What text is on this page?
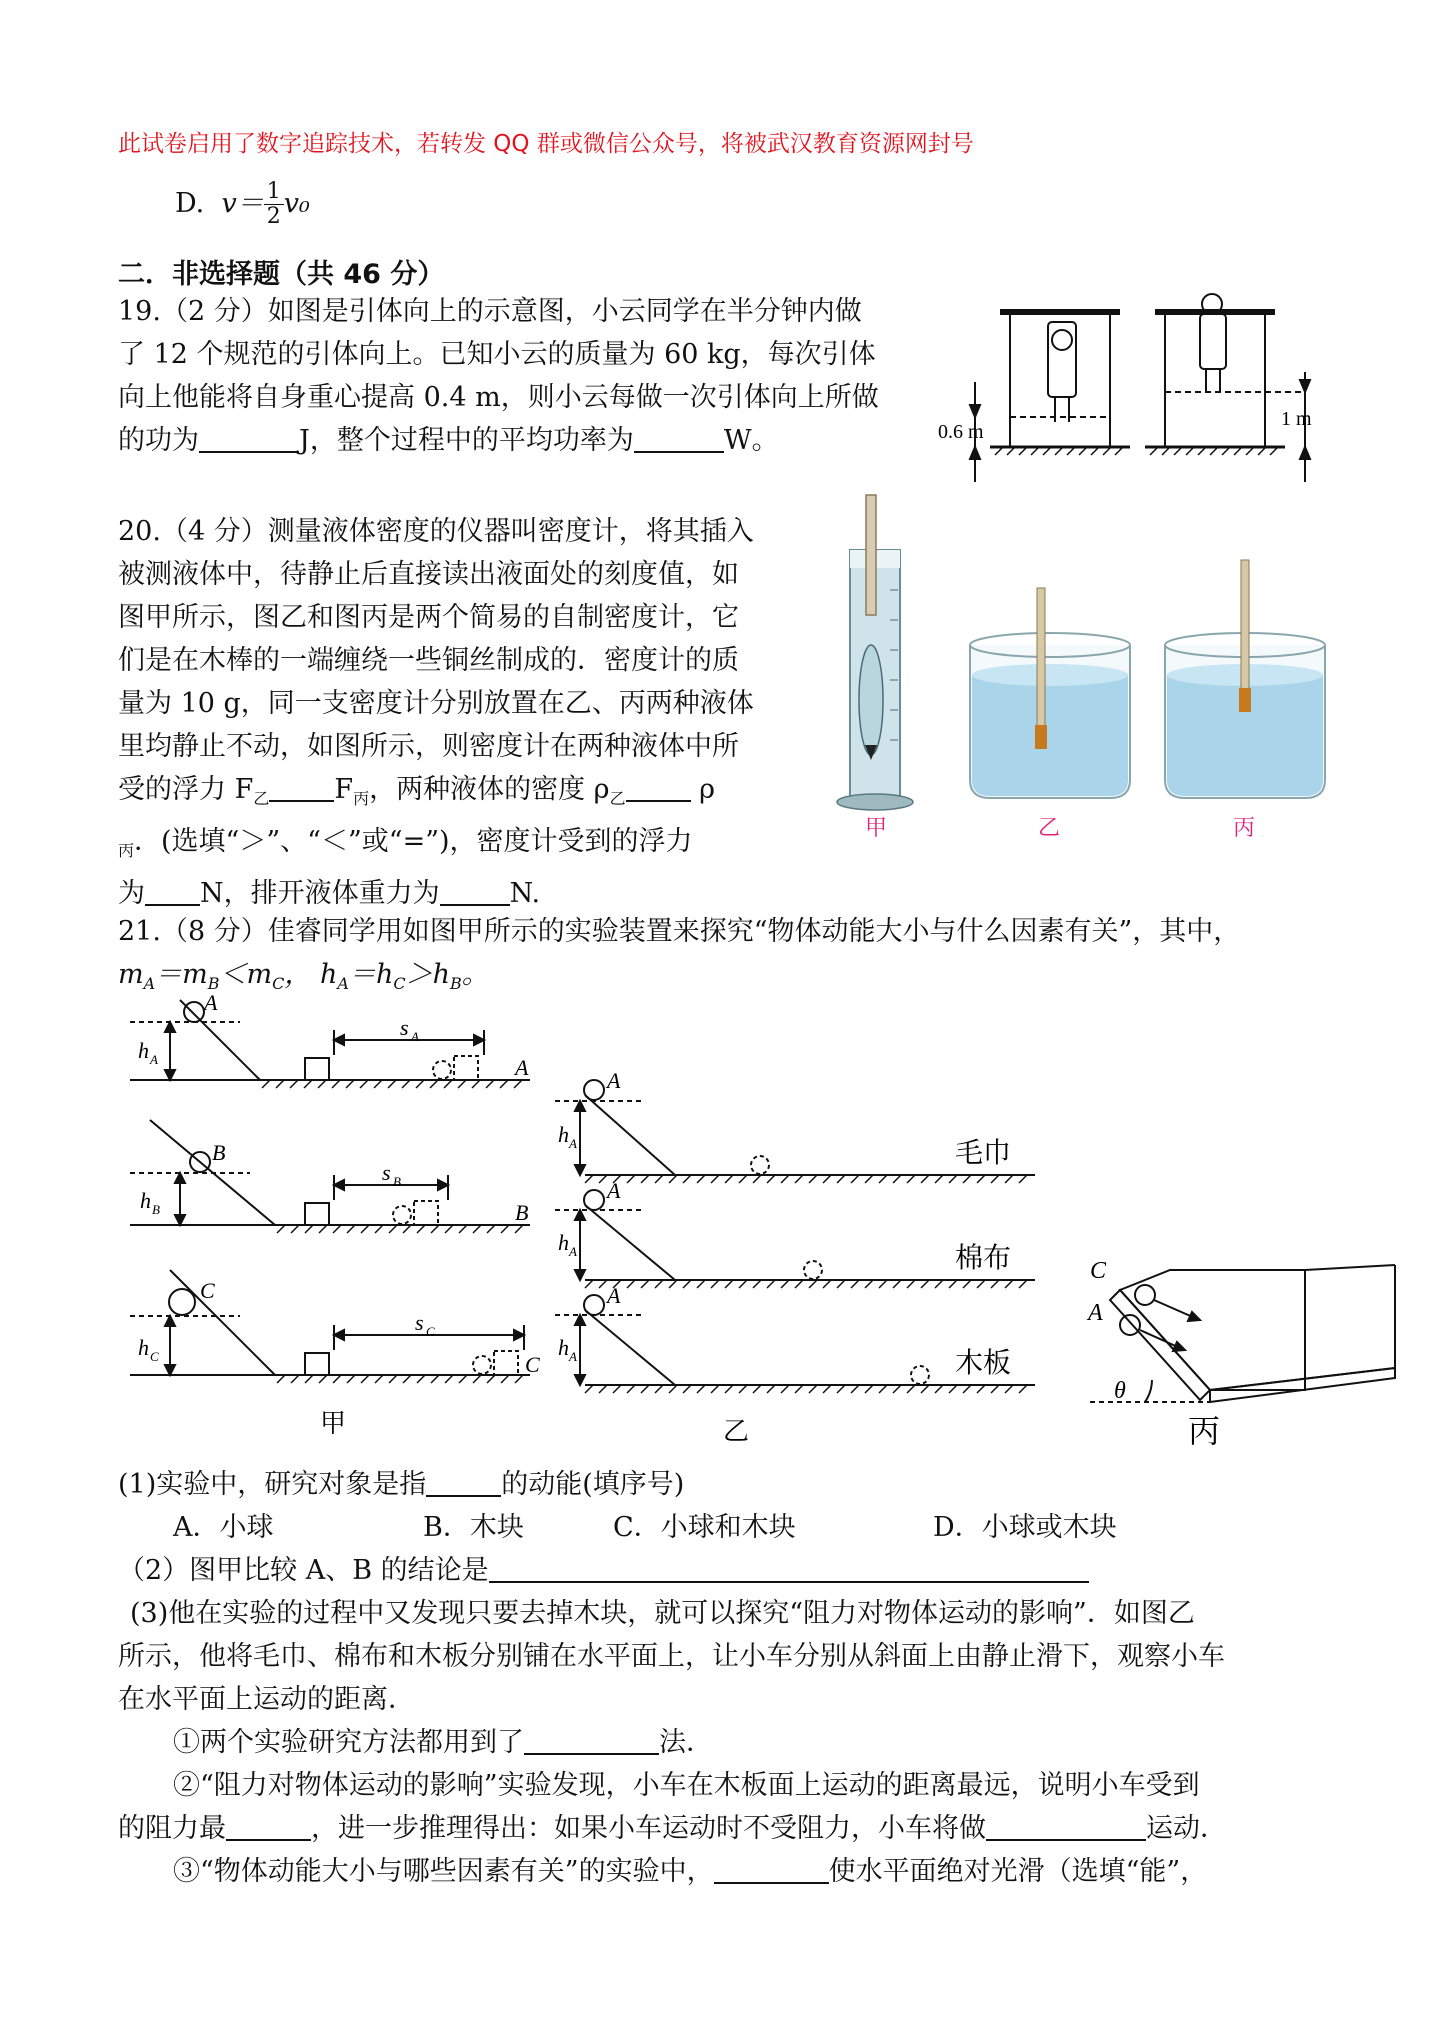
此试卷启用了数字追踪技术，若转发 QQ 群或微信公众号，将被武汉教育资源网封号
D. $v= \frac{1}{2} v_0$
二．非选择题（共 46 分）
19.（2 分）如图是引体向上的示意图，小云同学在半分钟内做
了 12 个规范的引体向上。已知小云的质量为 60 kg，每次引体
向上他能将自身重心提高 0.4 m，则小云每做一次引体向上所做
的功为	J，整个过程中的平均功率为	W。	0.6 m
1 m
20.（4 分）测量液体密度的仪器叫密度计，将其插入
被测液体中，待静止后直接读出液面处的刻度值，如
图甲所示，图乙和图丙是两个简易的自制密度计，它
们是在木棒的一端缠绕一些铜丝制成的．密度计的质
量为 10 g，同一支密度计分别放置在乙、丙两种液体
里均静止不动，如图所示，则密度计在两种液体中所
受的浮力 $F_乙$ $F_丙$，两种液体的密度 $\rho_乙$	ρ
$_丙$．(选填“＞”、“＜”或“=”)，密度计受到的浮力
为 N，排开液体重力为	N.
甲	乙	丙
21.（8 分）佳睿同学用如图甲所示的实验装置来探究“物体动能大小与什么因素有关”，其中，
$m_A=m_B<m_C$， $h_A=h_C>h_B$。
A
B
C
h A
h B
h C
s A
s B
s C
A
B
C
甲
A
A
A
h A
h A
h A
毛巾
棉布
木板
乙
C
A
θ
丙
(1)实验中，研究对象是指	的动能(填序号)
A．小球	B．木块	C．小球和木块	D．小球或木块
（2）图甲比较 A、B 的结论是
(3)他在实验的过程中又发现只要去掉木块，就可以探究“阻力对物体运动的影响”．如图乙
所示，他将毛巾、棉布和木板分别铺在水平面上，让小车分别从斜面上由静止滑下，观察小车
在水平面上运动的距离．
①两个实验研究方法都用到了	法．
②“阻力对物体运动的影响”实验发现，小车在木板面上运动的距离最远，说明小车受到
的阻力最	，进一步推理得出：如果小车运动时不受阻力，小车将做	运动．
③“物体动能大小与哪些因素有关”的实验中，	使水平面绝对光滑（选填“能”，
